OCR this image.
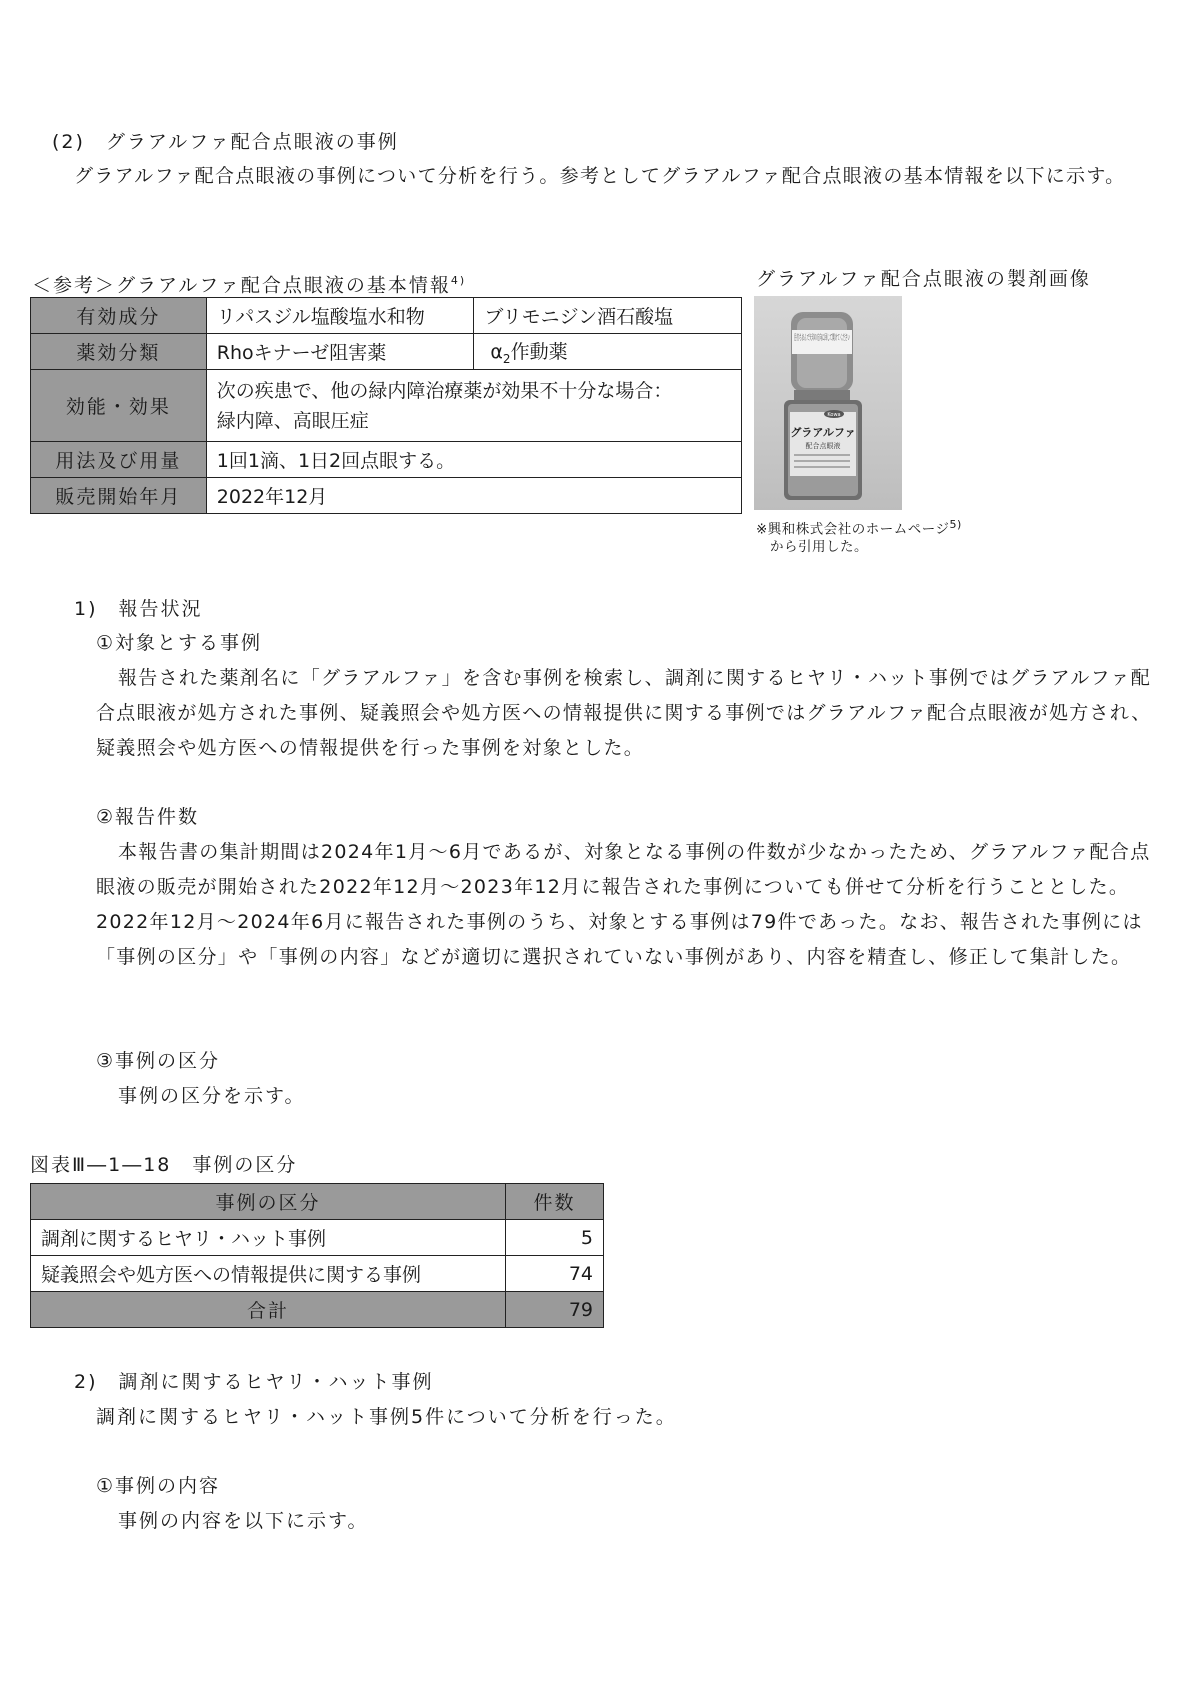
(2)　グラアルファ配合点眼液の事例
グラアルファ配合点眼液の事例について分析を行う。参考としてグラアルファ配合点眼液の基本情報を以下に示す。
＜参考＞グラアルファ配合点眼液の基本情報$^{4)}$
有効成分	リパスジル塩酸塩水和物	ブリモニジン酒石酸塩
薬効分類	Rhoキナーゼ阻害薬	$\alpha_2$作動薬
効能・効果	次の疾患で、他の緑内障治療薬が効果不十分な場合：
緑内障、高眼圧症	

用法及び用量	1回1滴、1日2回点眼する。	
販売開始年月	2022年12月	
グラアルファ配合点眼液の製剤画像
目打ちまんで矢印の方向に回して開けてください
Kowa
グラアルファ
配合点眼液
※興和株式会社のホームページ$^{5)}$
から引用した。
1)　報告状況
①対象とする事例
報告された薬剤名に「グラアルファ」を含む事例を検索し、調剤に関するヒヤリ・ハット事例ではグラアルファ配合点眼液が処方された事例、疑義照会や処方医への情報提供に関する事例ではグラアルファ配合点眼液が処方され、疑義照会や処方医への情報提供を行った事例を対象とした。
②報告件数
本報告書の集計期間は2024年1月～6月であるが、対象となる事例の件数が少なかったため、グラアルファ配合点眼液の販売が開始された2022年12月～2023年12月に報告された事例についても併せて分析を行うこととした。2022年12月～2024年6月に報告された事例のうち、対象とする事例は79件であった。なお、報告された事例には「事例の区分」や「事例の内容」などが適切に選択されていない事例があり、内容を精査し、修正して集計した。
③事例の区分
事例の区分を示す。
図表Ⅲ―1―18　事例の区分
事例の区分	件数
調剤に関するヒヤリ・ハット事例	5
疑義照会や処方医への情報提供に関する事例	74
合計	79
2)　調剤に関するヒヤリ・ハット事例
調剤に関するヒヤリ・ハット事例5件について分析を行った。
①事例の内容
事例の内容を以下に示す。
